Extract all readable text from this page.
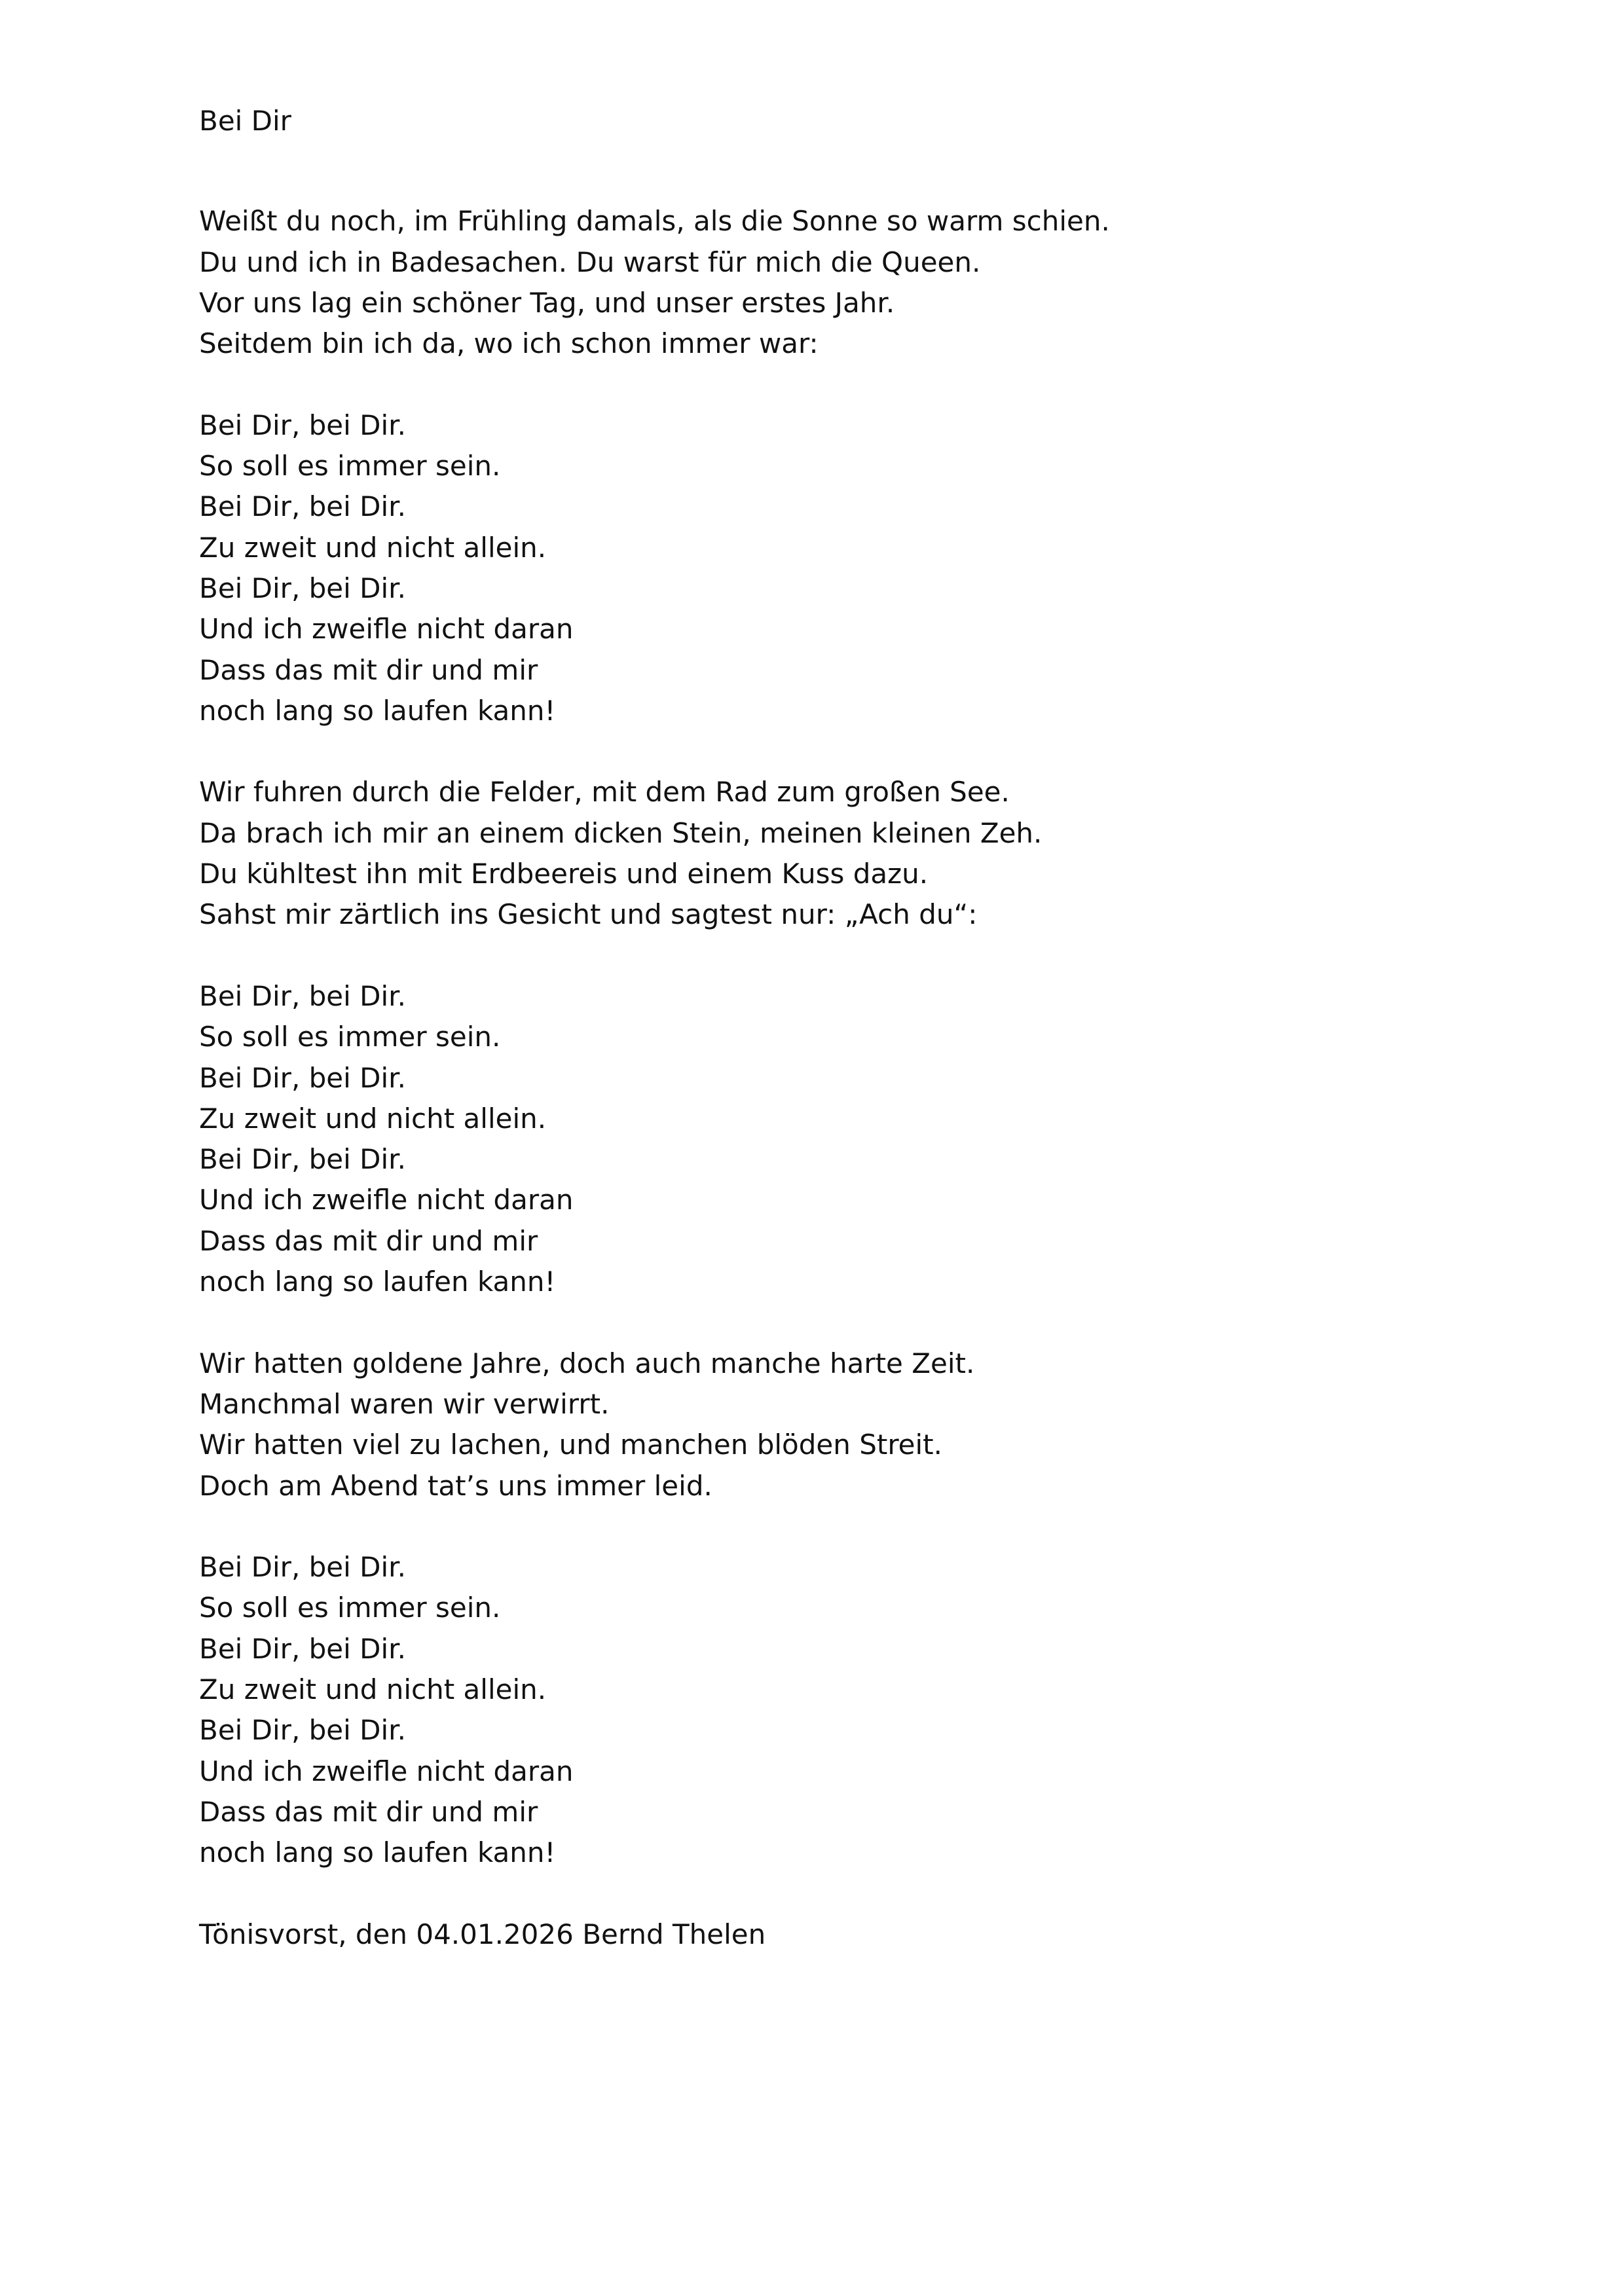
Bei Dir
Weißt du noch, im Frühling damals, als die Sonne so warm schien.
Du und ich in Badesachen. Du warst für mich die Queen.
Vor uns lag ein schöner Tag, und unser erstes Jahr.
Seitdem bin ich da, wo ich schon immer war:
Bei Dir, bei Dir.
So soll es immer sein.
Bei Dir, bei Dir.
Zu zweit und nicht allein.
Bei Dir, bei Dir.
Und ich zweifle nicht daran
Dass das mit dir und mir
noch lang so laufen kann!
Wir fuhren durch die Felder, mit dem Rad zum großen See.
Da brach ich mir an einem dicken Stein, meinen kleinen Zeh.
Du kühltest ihn mit Erdbeereis und einem Kuss dazu.
Sahst mir zärtlich ins Gesicht und sagtest nur: „Ach du“:
Bei Dir, bei Dir.
So soll es immer sein.
Bei Dir, bei Dir.
Zu zweit und nicht allein.
Bei Dir, bei Dir.
Und ich zweifle nicht daran
Dass das mit dir und mir
noch lang so laufen kann!
Wir hatten goldene Jahre, doch auch manche harte Zeit.
Manchmal waren wir verwirrt.
Wir hatten viel zu lachen, und manchen blöden Streit.
Doch am Abend tat’s uns immer leid.
Bei Dir, bei Dir.
So soll es immer sein.
Bei Dir, bei Dir.
Zu zweit und nicht allein.
Bei Dir, bei Dir.
Und ich zweifle nicht daran
Dass das mit dir und mir
noch lang so laufen kann!
Tönisvorst, den 04.01.2026 Bernd Thelen
